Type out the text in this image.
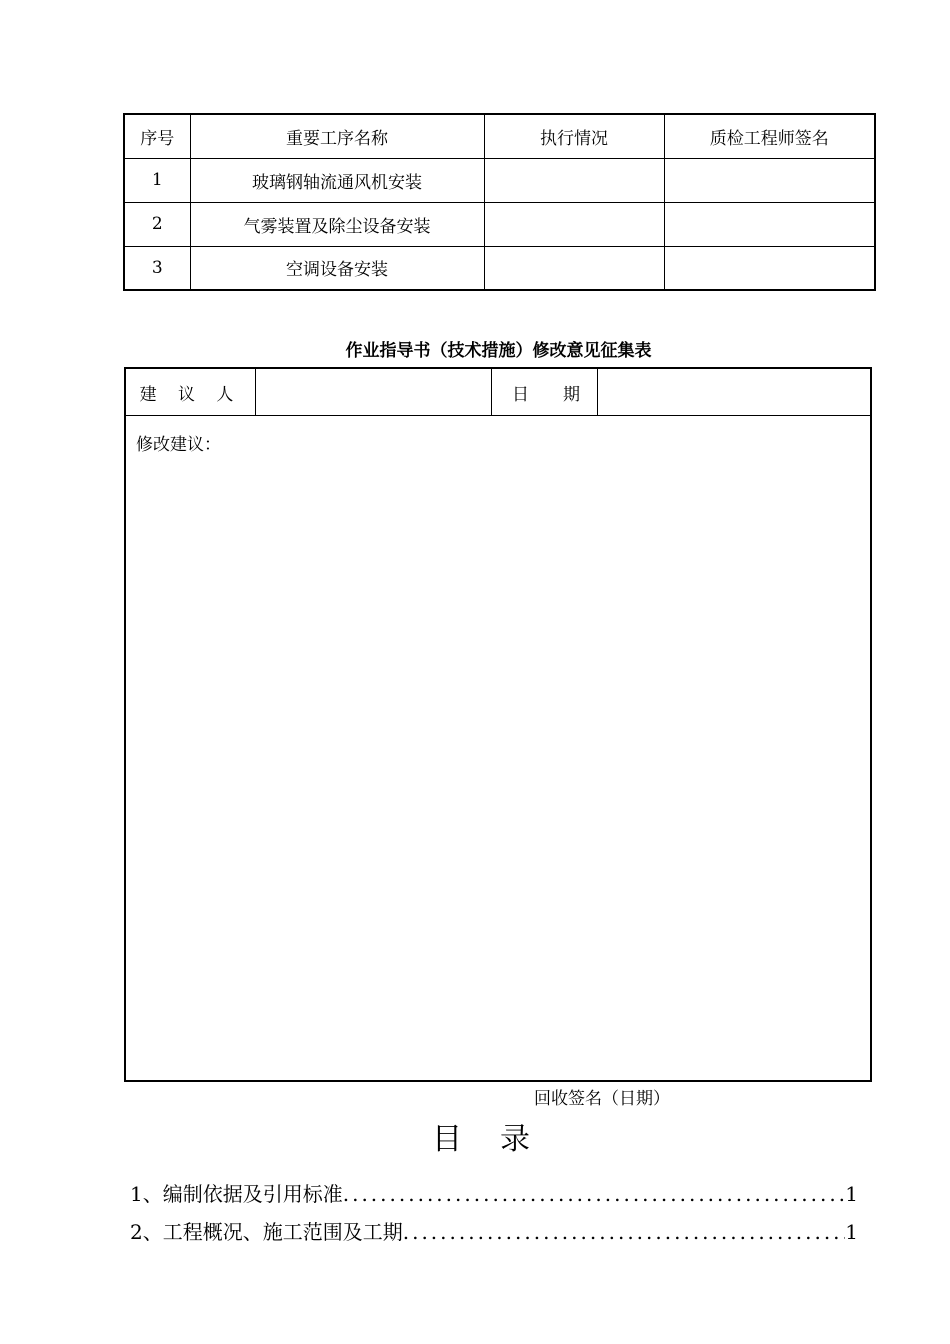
序号	重要工序名称	执行情况	质检工程师签名
1	玻璃钢轴流通风机安装		
2	气雾装置及除尘设备安装		
3	空调设备安装		
作业指导书（技术措施）修改意见征集表
建 议 人	日　　期
修改建议：
回收签名（日期）
目录
1、编制依据及引用标准 .....	1
2、工程概况、施工范围及工期 .....	1
